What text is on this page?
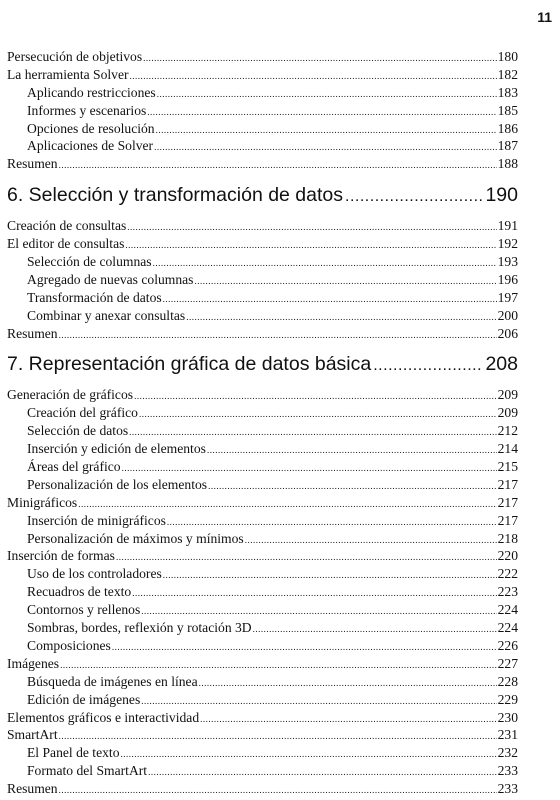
11
Persecución de objetivos .....	180
La herramienta Solver .....	182
Aplicando restricciones .....	183
Informes y escenarios .....	185
Opciones de resolución .....	186
Aplicaciones de Solver .....	187
Resumen .....	188
6. Selección y transformación de datos .....	190
Creación de consultas .....	191
El editor de consultas .....	192
Selección de columnas .....	193
Agregado de nuevas columnas .....	196
Transformación de datos .....	197
Combinar y anexar consultas .....	200
Resumen .....	206
7. Representación gráfica de datos básica .....	208
Generación de gráficos .....	209
Creación del gráfico .....	209
Selección de datos .....	212
Inserción y edición de elementos .....	214
Áreas del gráfico .....	215
Personalización de los elementos .....	217
Minigráficos .....	217
Inserción de minigráficos .....	217
Personalización de máximos y mínimos .....	218
Inserción de formas .....	220
Uso de los controladores .....	222
Recuadros de texto .....	223
Contornos y rellenos .....	224
Sombras, bordes, reflexión y rotación 3D .....	224
Composiciones .....	226
Imágenes .....	227
Búsqueda de imágenes en línea .....	228
Edición de imágenes .....	229
Elementos gráficos e interactividad .....	230
SmartArt .....	231
El Panel de texto .....	232
Formato del SmartArt .....	233
Resumen .....	233
